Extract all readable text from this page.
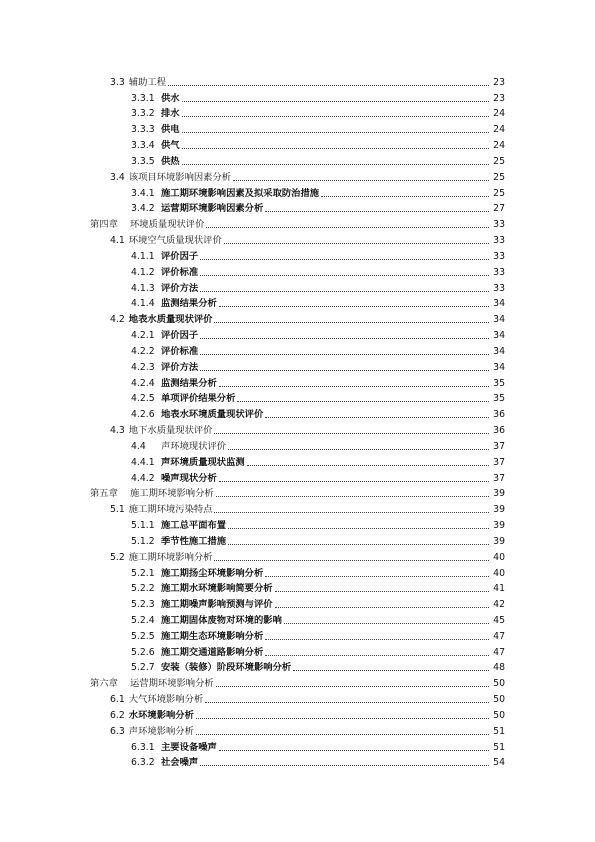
3.3 辅助工程	23
3.3.1 供水	23
3.3.2 排水	24
3.3.3 供电	24
3.3.4 供气	24
3.3.5 供热	25
3.4 该项目环境影响因素分析	25
3.4.1 施工期环境影响因素及拟采取防治措施	25
3.4.2 运营期环境影响因素分析	27
第四章	环境质量现状评价	33
4.1 环境空气质量现状评价	33
4.1.1 评价因子	33
4.1.2 评价标准	33
4.1.3 评价方法	33
4.1.4 监测结果分析	34
4.2 地表水质量现状评价	34
4.2.1 评价因子	34
4.2.2 评价标准	34
4.2.3 评价方法	34
4.2.4 监测结果分析	35
4.2.5 单项评价结果分析	35
4.2.6 地表水环境质量现状评价	36
4.3 地下水质量现状评价	36
4.4	声环境现状评价	37
4.4.1 声环境质量现状监测	37
4.4.2 噪声现状分析	37
第五章	施工期环境影响分析	39
5.1 施工期环境污染特点	39
5.1.1 施工总平面布置	39
5.1.2 季节性施工措施	39
5.2 施工期环境影响分析	40
5.2.1 施工期扬尘环境影响分析	40
5.2.2 施工期水环境影响简要分析	41
5.2.3 施工期噪声影响预测与评价	42
5.2.4 施工期固体废物对环境的影响	45
5.2.5 施工期生态环境影响分析	47
5.2.6 施工期交通道路影响分析	47
5.2.7 安装（装修）阶段环境影响分析	48
第六章	运营期环境影响分析	50
6.1 大气环境影响分析	50
6.2 水环境影响分析	50
6.3 声环境影响分析	51
6.3.1 主要设备噪声	51
6.3.2 社会噪声	54
